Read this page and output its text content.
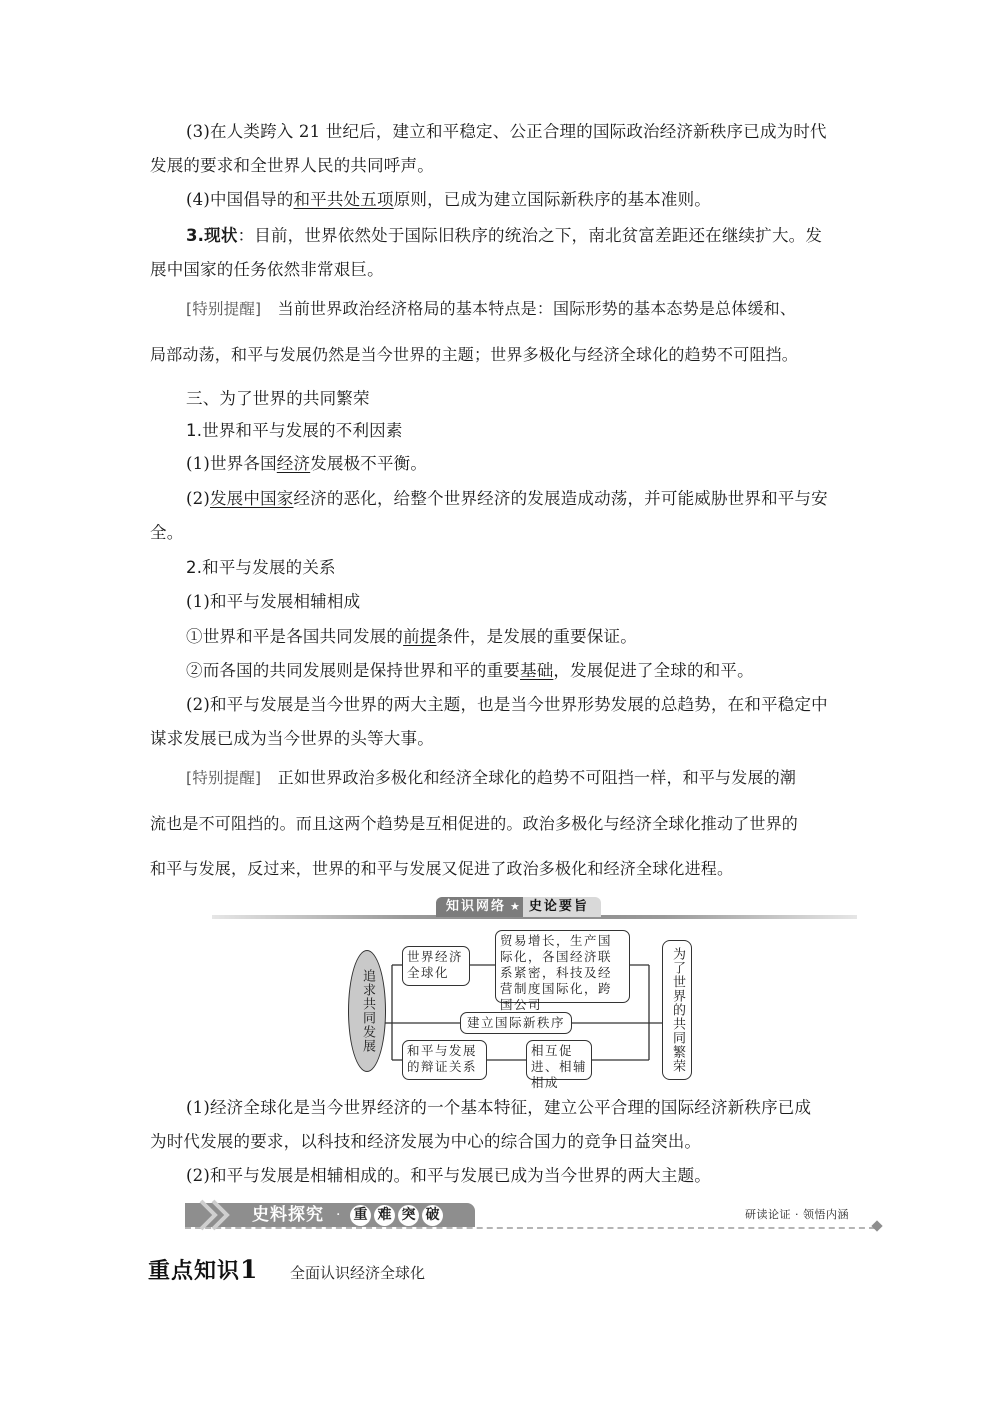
(3)在人类跨入 21 世纪后，建立和平稳定、公正合理的国际政治经济新秩序已成为时代
发展的要求和全世界人民的共同呼声。
(4)中国倡导的和平共处五项原则，已成为建立国际新秩序的基本准则。
3.现状：目前，世界依然处于国际旧秩序的统治之下，南北贫富差距还在继续扩大。发
展中国家的任务依然非常艰巨。
[特别提醒] 当前世界政治经济格局的基本特点是：国际形势的基本态势是总体缓和、
局部动荡，和平与发展仍然是当今世界的主题；世界多极化与经济全球化的趋势不可阻挡。
三、为了世界的共同繁荣
1.世界和平与发展的不利因素
(1)世界各国经济发展极不平衡。
(2)发展中国家经济的恶化，给整个世界经济的发展造成动荡，并可能威胁世界和平与安
全。
2.和平与发展的关系
(1)和平与发展相辅相成
①世界和平是各国共同发展的前提条件，是发展的重要保证。
②而各国的共同发展则是保持世界和平的重要基础，发展促进了全球的和平。
(2)和平与发展是当今世界的两大主题，也是当今世界形势发展的总趋势，在和平稳定中
谋求发展已成为当今世界的头等大事。
[特别提醒] 正如世界政治多极化和经济全球化的趋势不可阻挡一样，和平与发展的潮
流也是不可阻挡的。而且这两个趋势是互相促进的。政治多极化与经济全球化推动了世界的
和平与发展，反过来，世界的和平与发展又促进了政治多极化和经济全球化进程。
知识网络 ★ 史论要旨
追求共同发展
世界经济全球化
贸易增长，生产国际化，各国经济联系紧密，科技及经营制度国际化，跨国公司
建立国际新秩序
和平与发展的辩证关系
相互促进、相辅相成
为了世界的共同繁荣
(1)经济全球化是当今世界经济的一个基本特征，建立公平合理的国际经济新秩序已成
为时代发展的要求，以科技和经济发展为中心的综合国力的竞争日益突出。
(2)和平与发展是相辅相成的。和平与发展已成为当今世界的两大主题。
史料探究 · 重 难 突 破	研读论证 · 领悟内涵
重点知识1 全面认识经济全球化
